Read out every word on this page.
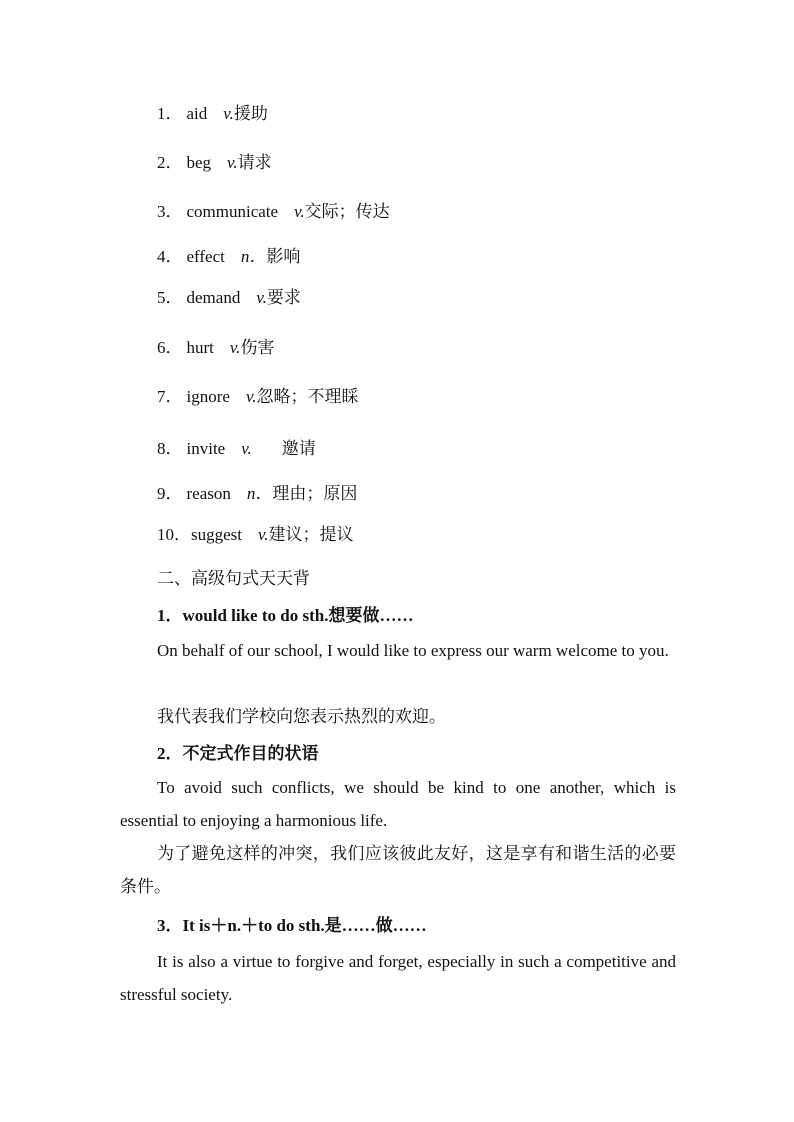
1． aid v.援助
2． beg v.请求
3． communicate v.交际；传达
4． effect n．影响
5． demand v.要求
6． hurt v.伤害
7． ignore v.忽略；不理睬
8． invite v. 邀请
9． reason n．理由；原因
10．suggest v.建议；提议
二、高级句式天天背
1．would like to do sth.想要做……

On behalf of our school, I would like to express our warm welcome to you.

我代表我们学校向您表示热烈的欢迎。

2．不定式作目的状语

To avoid such conflicts, we should be kind to one another, which is essential to enjoying a harmonious life.

为了避免这样的冲突，我们应该彼此友好，这是享有和谐生活的必要条件。

3．It is＋n.＋to do sth.是……做……

It is also a virtue to forgive and forget, especially in such a competitive and stressful society.
